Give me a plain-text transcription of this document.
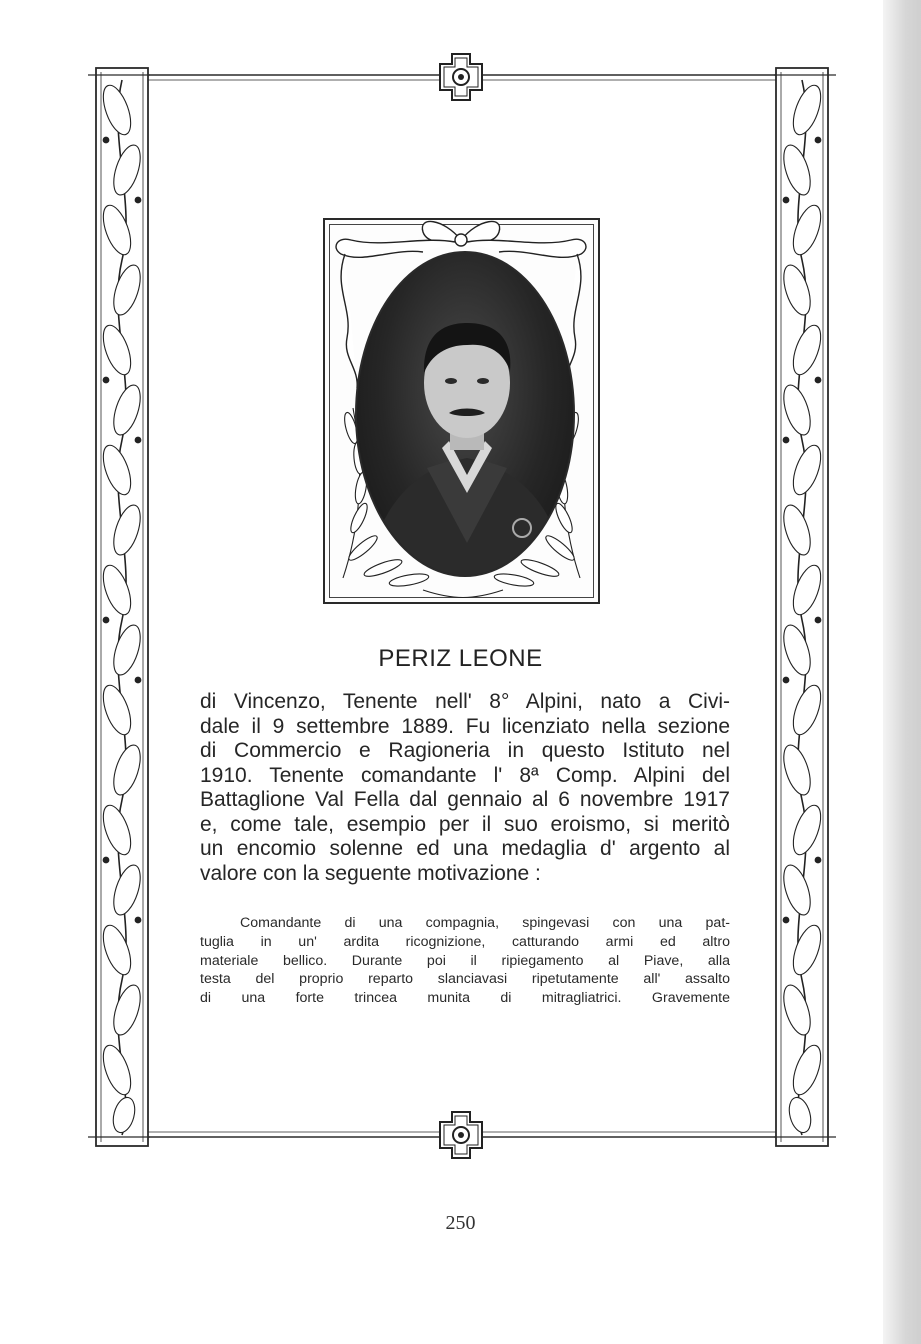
PERIZ LEONE
di Vincenzo, Tenente nell' 8° Alpini, nato a Civi-
dale il 9 settembre 1889. Fu licenziato nella sezione
di Commercio e Ragioneria in questo Istituto nel
1910. Tenente comandante l' 8ª Comp. Alpini del
Battaglione Val Fella dal gennaio al 6 novembre 1917
e, come tale, esempio per il suo eroismo, si meritò
un encomio solenne ed una medaglia d' argento al
valore con la seguente motivazione :
Comandante di una compagnia, spingevasi con una pat-
tuglia in un' ardita ricognizione, catturando armi ed altro
materiale bellico. Durante poi il ripiegamento al Piave, alla
testa del proprio reparto slanciavasi ripetutamente all' assalto
di una forte trincea munita di mitragliatrici. Gravemente
250
